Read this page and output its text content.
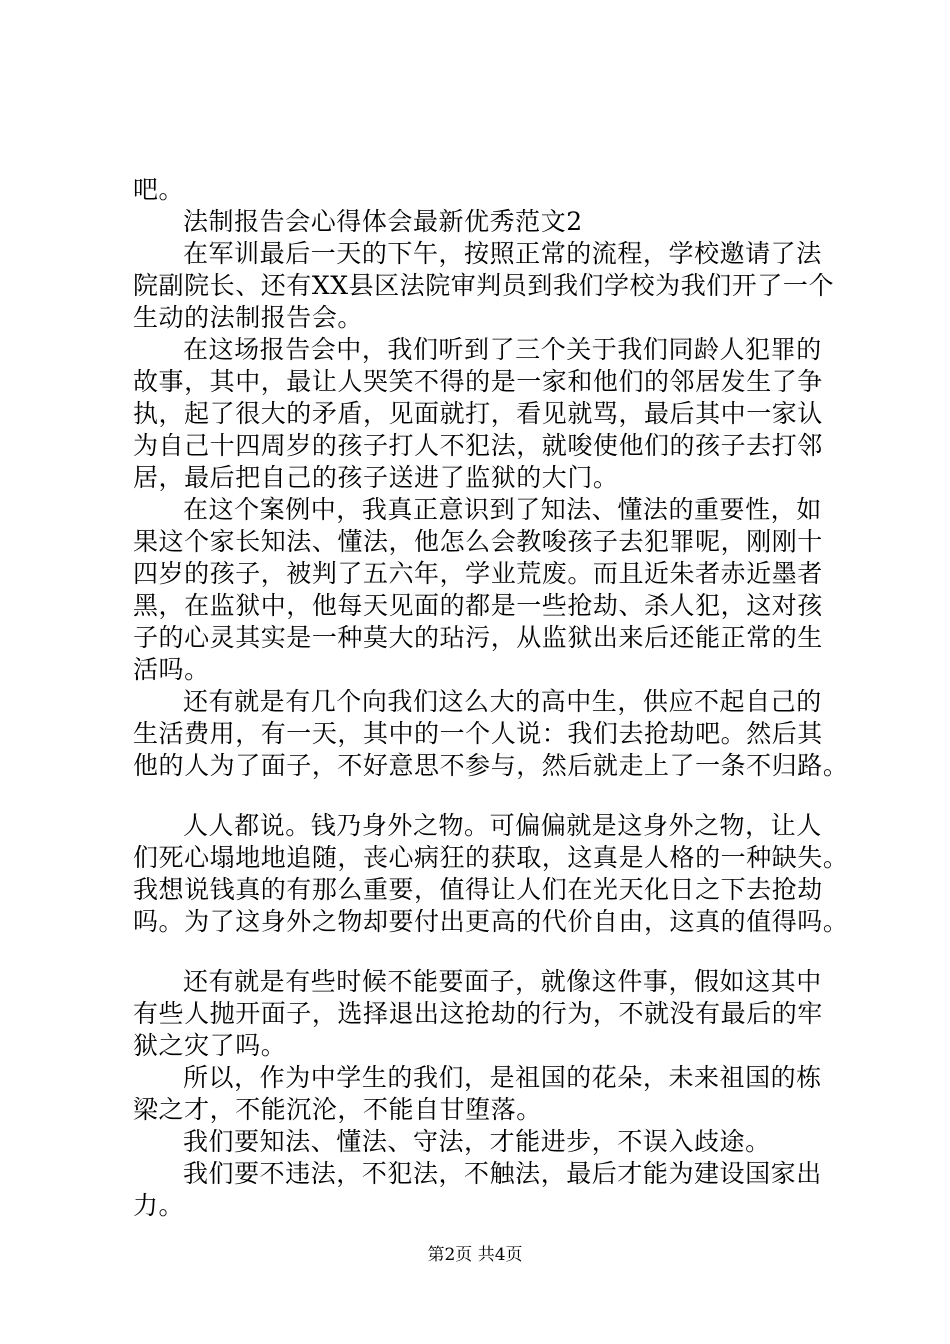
吧。
法制报告会心得体会最新优秀范文2
在军训最后一天的下午，按照正常的流程，学校邀请了法
院副院长、还有XX县区法院审判员到我们学校为我们开了一个
生动的法制报告会。
在这场报告会中，我们听到了三个关于我们同龄人犯罪的
故事，其中，最让人哭笑不得的是一家和他们的邻居发生了争
执，起了很大的矛盾，见面就打，看见就骂，最后其中一家认
为自己十四周岁的孩子打人不犯法，就唆使他们的孩子去打邻
居，最后把自己的孩子送进了监狱的大门。
在这个案例中，我真正意识到了知法、懂法的重要性，如
果这个家长知法、懂法，他怎么会教唆孩子去犯罪呢，刚刚十
四岁的孩子，被判了五六年，学业荒废。而且近朱者赤近墨者
黑，在监狱中，他每天见面的都是一些抢劫、杀人犯，这对孩
子的心灵其实是一种莫大的玷污，从监狱出来后还能正常的生
活吗。
还有就是有几个向我们这么大的高中生，供应不起自己的
生活费用，有一天，其中的一个人说：我们去抢劫吧。然后其
他的人为了面子，不好意思不参与，然后就走上了一条不归路。
人人都说。钱乃身外之物。可偏偏就是这身外之物，让人
们死心塌地地追随，丧心病狂的获取，这真是人格的一种缺失。
我想说钱真的有那么重要，值得让人们在光天化日之下去抢劫
吗。为了这身外之物却要付出更高的代价自由，这真的值得吗。
还有就是有些时候不能要面子，就像这件事，假如这其中
有些人抛开面子，选择退出这抢劫的行为，不就没有最后的牢
狱之灾了吗。
所以，作为中学生的我们，是祖国的花朵，未来祖国的栋
梁之才，不能沉沦，不能自甘堕落。
我们要知法、懂法、守法，才能进步，不误入歧途。
我们要不违法，不犯法，不触法，最后才能为建设国家出
力。
第2页 共4页
